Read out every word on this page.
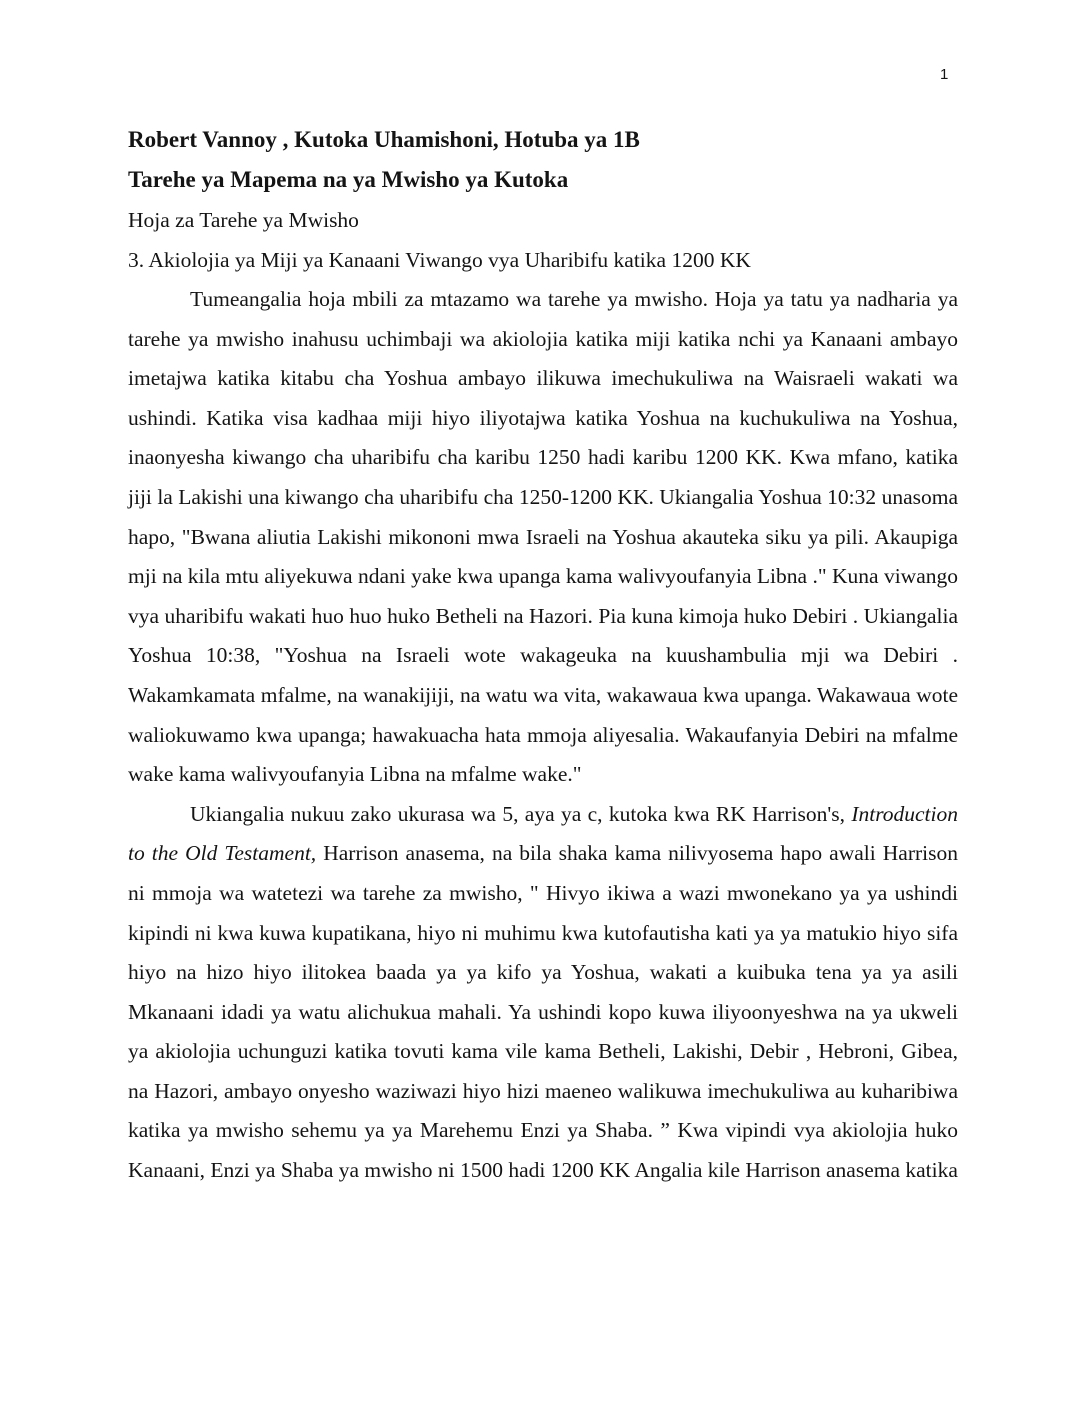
1

Robert Vannoy , Kutoka Uhamishoni, Hotuba ya 1B

Tarehe ya Mapema na ya Mwisho ya Kutoka

Hoja za Tarehe ya Mwisho

3. Akiolojia ya Miji ya Kanaani Viwango vya Uharibifu katika 1200 KK

Tumeangalia hoja mbili za mtazamo wa tarehe ya mwisho. Hoja ya tatu ya nadharia ya tarehe ya mwisho inahusu uchimbaji wa akiolojia katika miji katika nchi ya Kanaani ambayo imetajwa katika kitabu cha Yoshua ambayo ilikuwa imechukuliwa na Waisraeli wakati wa ushindi. Katika visa kadhaa miji hiyo iliyotajwa katika Yoshua na kuchukuliwa na Yoshua, inaonyesha kiwango cha uharibifu cha karibu 1250 hadi karibu 1200 KK. Kwa mfano, katika jiji la Lakishi una kiwango cha uharibifu cha 1250-1200 KK. Ukiangalia Yoshua 10:32 unasoma hapo, "Bwana aliutia Lakishi mikononi mwa Israeli na Yoshua akauteka siku ya pili. Akaupiga mji na kila mtu aliyekuwa ndani yake kwa upanga kama walivyoufanyia Libna ." Kuna viwango vya uharibifu wakati huo huo huko Betheli na Hazori. Pia kuna kimoja huko Debiri . Ukiangalia Yoshua 10:38, "Yoshua na Israeli wote wakageuka na kuushambulia mji wa Debiri . Wakamkamata mfalme, na wanakijiji, na watu wa vita, wakawaua kwa upanga. Wakawaua wote waliokuwamo kwa upanga; hawakuacha hata mmoja aliyesalia. Wakaufanyia Debiri na mfalme wake kama walivyoufanyia Libna na mfalme wake."

Ukiangalia nukuu zako ukurasa wa 5, aya ya c, kutoka kwa RK Harrison's, Introduction to the Old Testament, Harrison anasema, na bila shaka kama nilivyosema hapo awali Harrison ni mmoja wa watetezi wa tarehe za mwisho, " Hivyo ikiwa a wazi mwonekano ya ya ushindi kipindi ni kwa kuwa kupatikana, hiyo ni muhimu kwa kutofautisha kati ya ya matukio hiyo sifa hiyo na hizo hiyo ilitokea baada ya ya kifo ya Yoshua, wakati a kuibuka tena ya ya asili Mkanaani idadi ya watu alichukua mahali. Ya ushindi kopo kuwa iliyoonyeshwa na ya ukweli ya akiolojia uchunguzi katika tovuti kama vile kama Betheli, Lakishi, Debir , Hebroni, Gibea, na Hazori, ambayo onyesho waziwazi hiyo hizi maeneo walikuwa imechukuliwa au kuharibiwa katika ya mwisho sehemu ya ya Marehemu Enzi ya Shaba. ” Kwa vipindi vya akiolojia huko Kanaani, Enzi ya Shaba ya mwisho ni 1500 hadi 1200 KK Angalia kile Harrison anasema katika
